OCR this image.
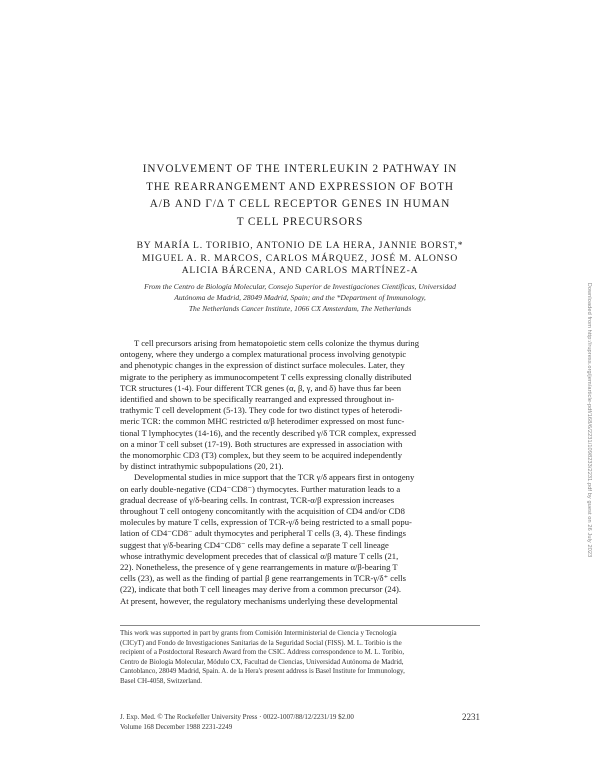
INVOLVEMENT OF THE INTERLEUKIN 2 PATHWAY IN
THE REARRANGEMENT AND EXPRESSION OF BOTH
Α/Β AND Γ/Δ T CELL RECEPTOR GENES IN HUMAN
T CELL PRECURSORS
BY MARÍA L. TORIBIO, ANTONIO DE LA HERA, JANNIE BORST,*
MIGUEL A. R. MARCOS, CARLOS MÁRQUEZ, JOSÉ M. ALONSO
ALICIA BÁRCENA, AND CARLOS MARTÍNEZ-A
From the Centro de Biología Molecular, Consejo Superior de Investigaciones Científicas, Universidad
Autónoma de Madrid, 28049 Madrid, Spain; and the *Department of Immunology,
The Netherlands Cancer Institute, 1066 CX Amsterdam, The Netherlands
T cell precursors arising from hematopoietic stem cells colonize the thymus during
ontogeny, where they undergo a complex maturational process involving genotypic
and phenotypic changes in the expression of distinct surface molecules. Later, they
migrate to the periphery as immunocompetent T cells expressing clonally distributed
TCR structures (1-4). Four different TCR genes (α, β, γ, and δ) have thus far been
identified and shown to be specifically rearranged and expressed throughout in-
trathymic T cell development (5-13). They code for two distinct types of heterodi-
meric TCR: the common MHC restricted α/β heterodimer expressed on most func-
tional T lymphocytes (14-16), and the recently described γ/δ TCR complex, expressed
on a minor T cell subset (17-19). Both structures are expressed in association with
the monomorphic CD3 (T3) complex, but they seem to be acquired independently
by distinct intrathymic subpopulations (20, 21).
Developmental studies in mice support that the TCR γ/δ appears first in ontogeny
on early double-negative (CD4⁻CD8⁻) thymocytes. Further maturation leads to a
gradual decrease of γ/δ-bearing cells. In contrast, TCR-α/β expression increases
throughout T cell ontogeny concomitantly with the acquisition of CD4 and/or CD8
molecules by mature T cells, expression of TCR-γ/δ being restricted to a small popu-
lation of CD4⁻CD8⁻ adult thymocytes and peripheral T cells (3, 4). These findings
suggest that γ/δ-bearing CD4⁻CD8⁻ cells may define a separate T cell lineage
whose intrathymic development precedes that of classical α/β mature T cells (21,
22). Nonetheless, the presence of γ gene rearrangements in mature α/β-bearing T
cells (23), as well as the finding of partial β gene rearrangements in TCR-γ/δ⁺ cells
(22), indicate that both T cell lineages may derive from a common precursor (24).
At present, however, the regulatory mechanisms underlying these developmental
This work was supported in part by grants from Comisión Interministerial de Ciencia y Tecnología
(CICyT) and Fondo de Investigaciones Sanitarias de la Seguridad Social (FISS). M. L. Toribio is the
recipient of a Postdoctoral Research Award from the CSIC. Address correspondence to M. L. Toribio,
Centro de Biología Molecular, Módulo CX, Facultad de Ciencias, Universidad Autónoma de Madrid,
Cantoblanco, 28049 Madrid, Spain. A. de la Hera's present address is Basel Institute for Immunology,
Basel CH-4058, Switzerland.
J. Exp. Med. © The Rockefeller University Press · 0022-1007/88/12/2231/19 $2.00	2231
Volume 168 December 1988 2231-2249
Downloaded from http://rupress.org/jem/article-pdf/168/6/2231/1098233/2231.pdf by guest on 26 July 2023
